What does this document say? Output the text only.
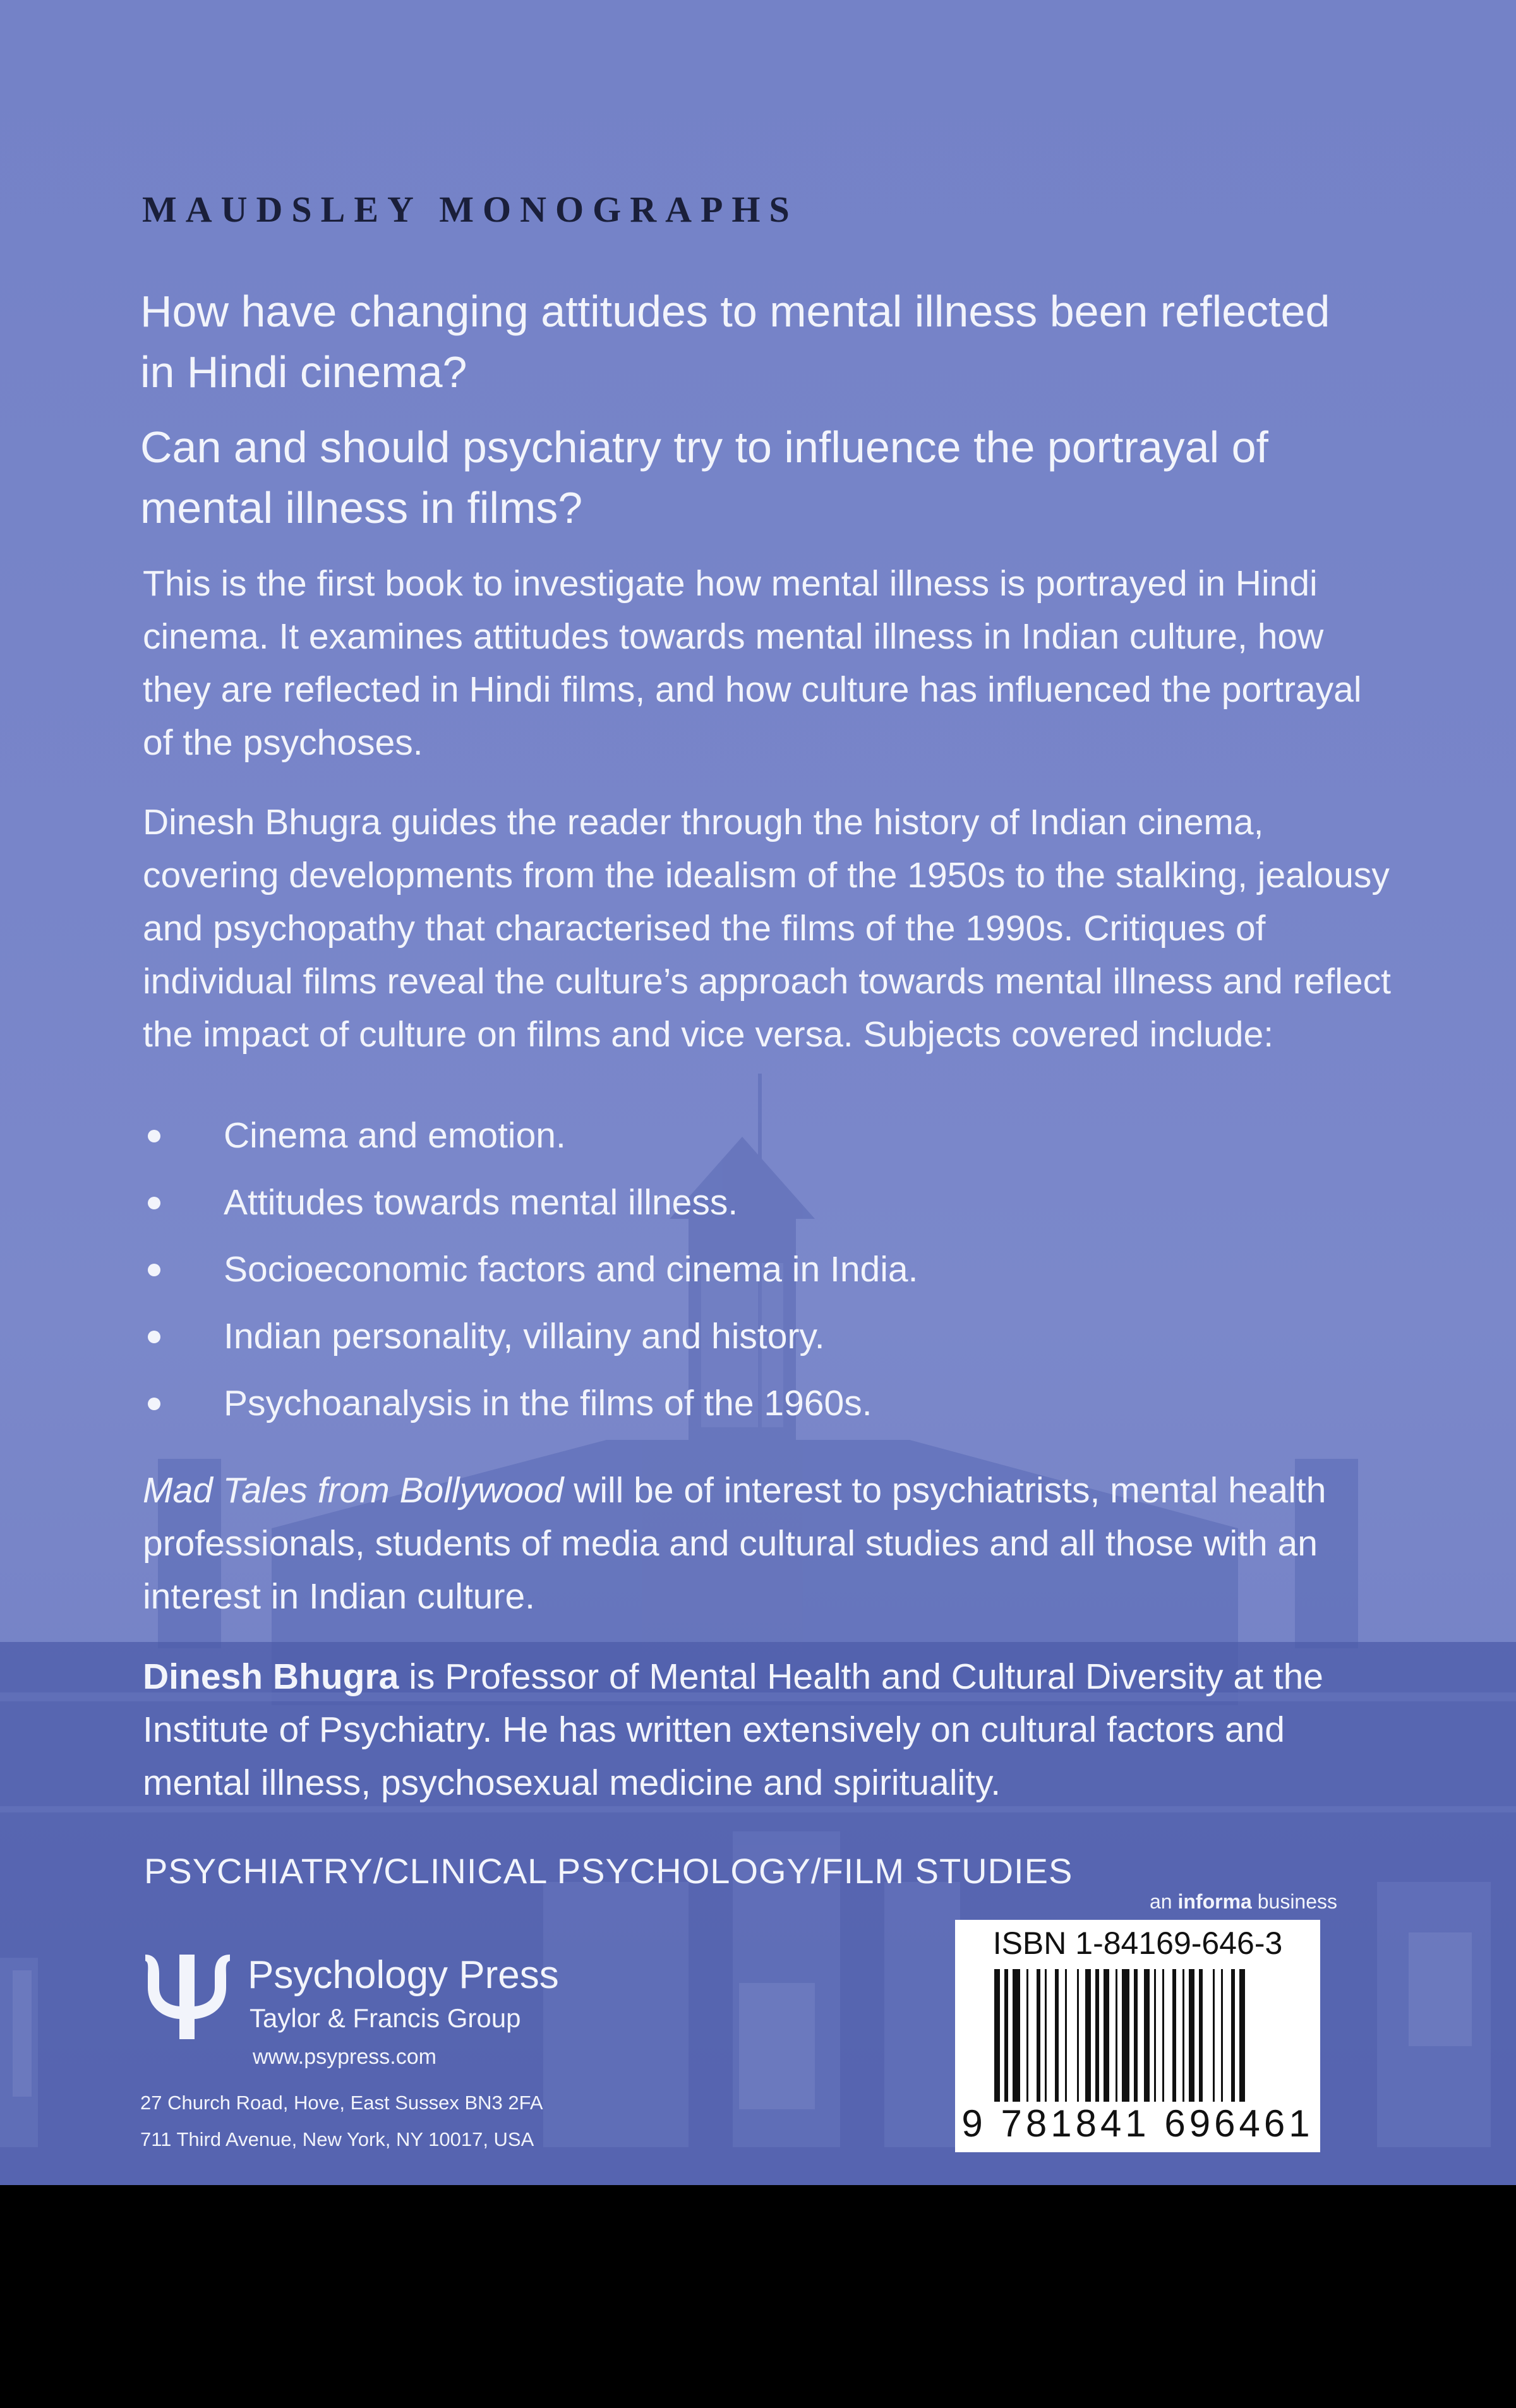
MAUDSLEY MONOGRAPHS
How have changing attitudes to mental illness been reflected in Hindi cinema?
Can and should psychiatry try to influence the portrayal of mental illness in films?
This is the first book to investigate how mental illness is portrayed in Hindi cinema. It examines attitudes towards mental illness in Indian culture, how they are reflected in Hindi films, and how culture has influenced the portrayal of the psychoses.
Dinesh Bhugra guides the reader through the history of Indian cinema, covering developments from the idealism of the 1950s to the stalking, jealousy and psychopathy that characterised the films of the 1990s. Critiques of individual films reveal the culture’s approach towards mental illness and reflect the impact of culture on films and vice versa. Subjects covered include:
Cinema and emotion.
Attitudes towards mental illness.
Socioeconomic factors and cinema in India.
Indian personality, villainy and history.
Psychoanalysis in the films of the 1960s.
Mad Tales from Bollywood will be of interest to psychiatrists, mental health professionals, students of media and cultural studies and all those with an interest in Indian culture.
Dinesh Bhugra is Professor of Mental Health and Cultural Diversity at the Institute of Psychiatry. He has written extensively on cultural factors and mental illness, psychosexual medicine and spirituality.
PSYCHIATRY/CLINICAL PSYCHOLOGY/FILM STUDIES
an informa business
Psychology Press
Taylor & Francis Group
www.psypress.com
27 Church Road, Hove, East Sussex BN3 2FA
711 Third Avenue, New York, NY 10017, USA
ISBN 1-84169-646-3
9 781841 696461
